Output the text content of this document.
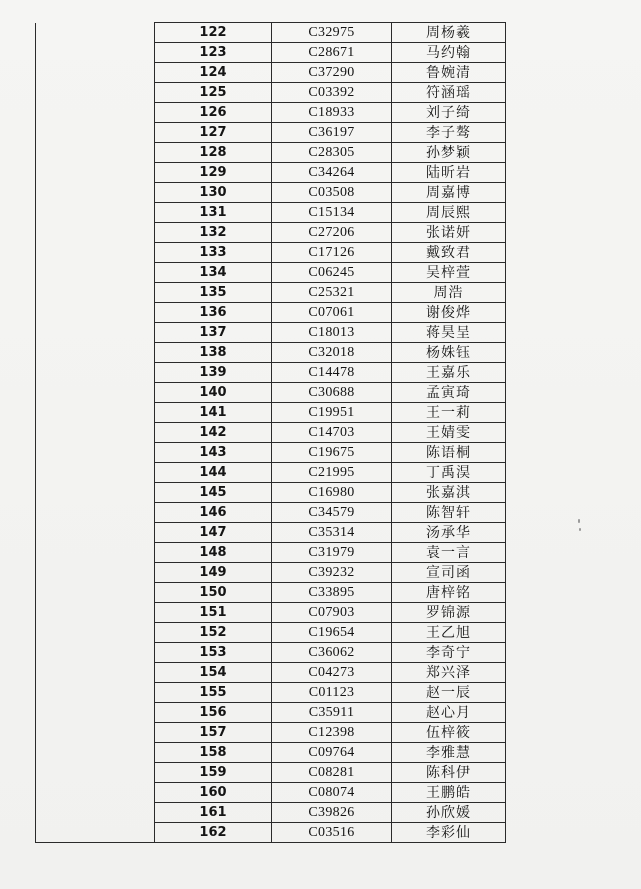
	122	C32975	周杨羲
	123	C28671	马约翰
	124	C37290	鲁婉清
	125	C03392	符涵瑶
	126	C18933	刘子绮
	127	C36197	李子骜
	128	C28305	孙梦颖
	129	C34264	陆昕岩
	130	C03508	周嘉博
	131	C15134	周辰熙
	132	C27206	张诺妍
	133	C17126	戴致君
	134	C06245	吴梓萱
	135	C25321	周浩
	136	C07061	谢俊烨
	137	C18013	蒋昊呈
	138	C32018	杨姝钰
	139	C14478	王嘉乐
	140	C30688	孟寅琦
	141	C19951	王一莉
	142	C14703	王婧雯
	143	C19675	陈语桐
	144	C21995	丁禹淏
	145	C16980	张嘉淇
	146	C34579	陈智轩
	147	C35314	汤承华
	148	C31979	袁一言
	149	C39232	宣司函
	150	C33895	唐梓铭
	151	C07903	罗锦源
	152	C19654	王乙旭
	153	C36062	李奇宁
	154	C04273	郑兴泽
	155	C01123	赵一辰
	156	C35911	赵心月
	157	C12398	伍梓筱
	158	C09764	李雅慧
	159	C08281	陈科伊
	160	C08074	王鹏皓
	161	C39826	孙欣媛
	162	C03516	李彩仙
